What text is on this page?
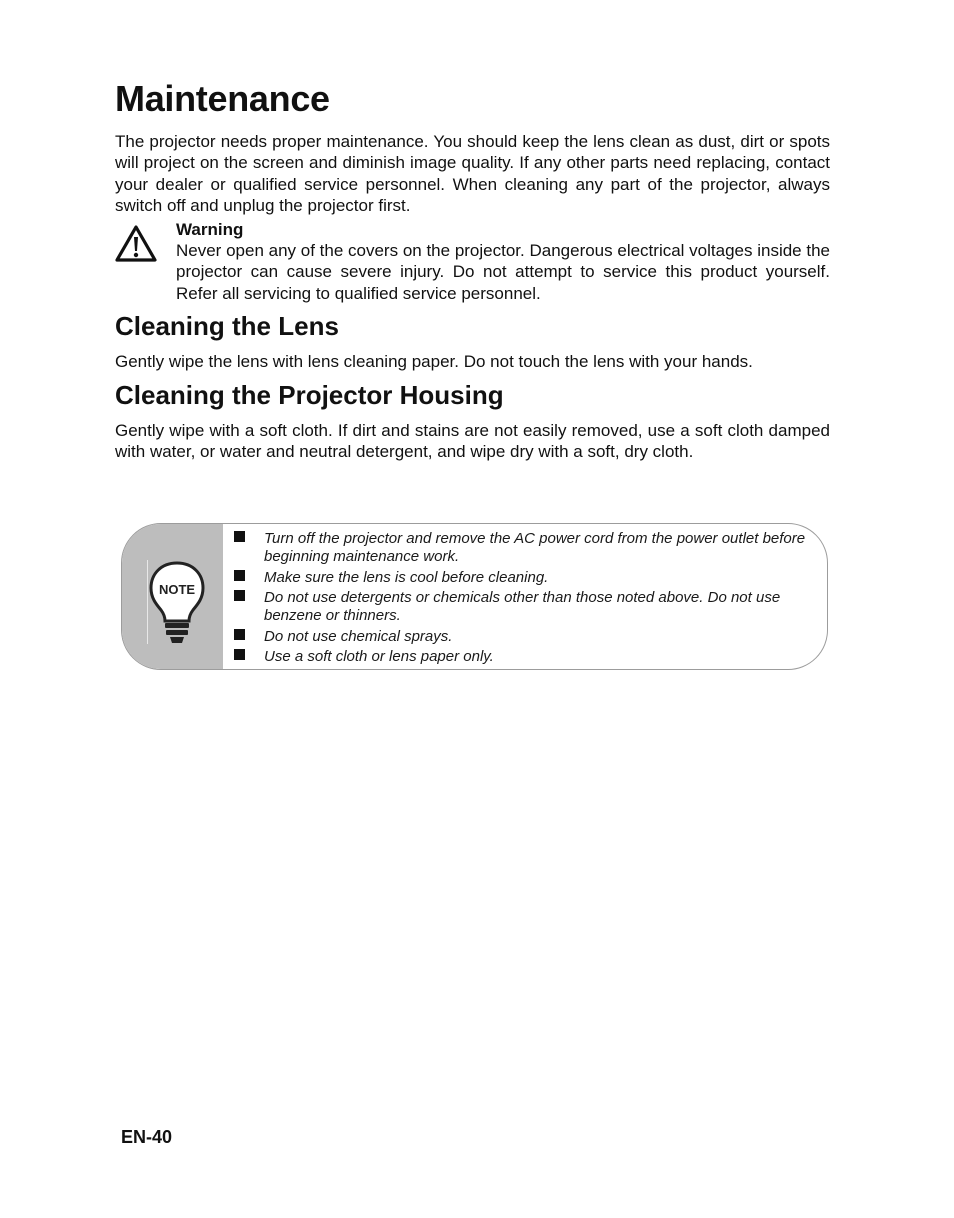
Maintenance

The projector needs proper maintenance. You should keep the lens clean as dust, dirt or spots will project on the screen and diminish image quality. If any other parts need replacing, contact your dealer or qualified service personnel. When cleaning any part of the projector, always switch off and unplug the projector first.

Warning

Never open any of the covers on the projector. Dangerous electrical voltages inside the projector can cause severe injury. Do not attempt to service this product yourself. Refer all servicing to qualified service personnel.

Cleaning the Lens

Gently wipe the lens with lens cleaning paper. Do not touch the lens with your hands.

Cleaning the Projector Housing

Gently wipe with a soft cloth. If dirt and stains are not easily removed, use a soft cloth damped with water, or water and neutral detergent, and wipe dry with a soft, dry cloth.

NOTE
Turn off the projector and remove the AC power cord from the power outlet before beginning maintenance work.
Make sure the lens is cool before cleaning.
Do not use detergents or chemicals other than those noted above. Do not use benzene or thinners.
Do not use chemical sprays.
Use a soft cloth or lens paper only.
EN-40
